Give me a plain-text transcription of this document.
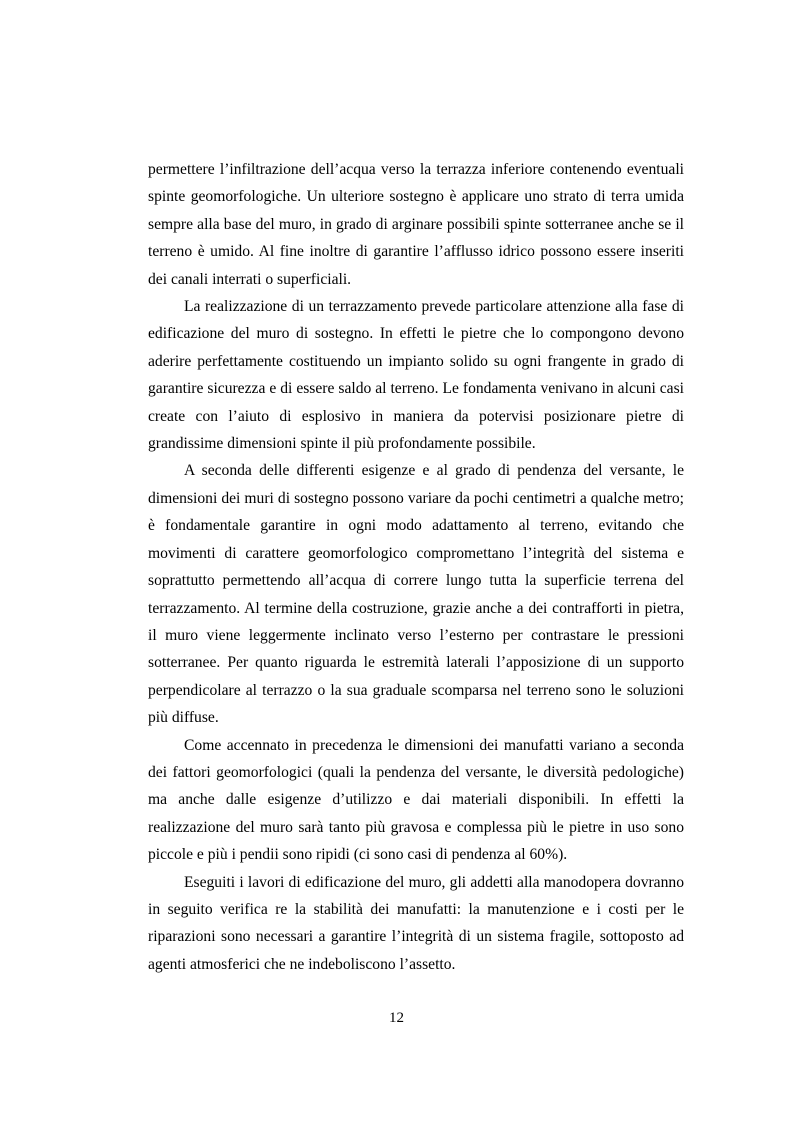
permettere l’infiltrazione dell’acqua verso la terrazza inferiore contenendo eventuali
spinte geomorfologiche. Un ulteriore sostegno è applicare uno strato di terra umida
sempre alla base del muro, in grado di arginare possibili spinte sotterranee anche se il
terreno è umido. Al fine inoltre di garantire l’afflusso idrico possono essere inseriti
dei canali interrati o superficiali.

La realizzazione di un terrazzamento prevede particolare attenzione alla fase di
edificazione del muro di sostegno. In effetti le pietre che lo compongono devono
aderire perfettamente costituendo un impianto solido su ogni frangente in grado di
garantire sicurezza e di essere saldo al terreno. Le fondamenta venivano in alcuni casi
create con l’aiuto di esplosivo in maniera da potervisi posizionare pietre di
grandissime dimensioni spinte il più profondamente possibile.

A seconda delle differenti esigenze e al grado di pendenza del versante, le
dimensioni dei muri di sostegno possono variare da pochi centimetri a qualche metro;
è fondamentale garantire in ogni modo adattamento al terreno, evitando che
movimenti di carattere geomorfologico compromettano l’integrità del sistema e
soprattutto permettendo all’acqua di correre lungo tutta la superficie terrena del
terrazzamento. Al termine della costruzione, grazie anche a dei contrafforti in pietra,
il muro viene leggermente inclinato verso l’esterno per contrastare le pressioni
sotterranee. Per quanto riguarda le estremità laterali l’apposizione di un supporto
perpendicolare al terrazzo o la sua graduale scomparsa nel terreno sono le soluzioni
più diffuse.

Come accennato in precedenza le dimensioni dei manufatti variano a seconda
dei fattori geomorfologici (quali la pendenza del versante, le diversità pedologiche)
ma anche dalle esigenze d’utilizzo e dai materiali disponibili. In effetti la
realizzazione del muro sarà tanto più gravosa e complessa più le pietre in uso sono
piccole e più i pendii sono ripidi (ci sono casi di pendenza al 60%).

Eseguiti i lavori di edificazione del muro, gli addetti alla manodopera dovranno
in seguito verifica re la stabilità dei manufatti: la manutenzione e i costi per le
riparazioni sono necessari a garantire l’integrità di un sistema fragile, sottoposto ad
agenti atmosferici che ne indeboliscono l’assetto.

12
